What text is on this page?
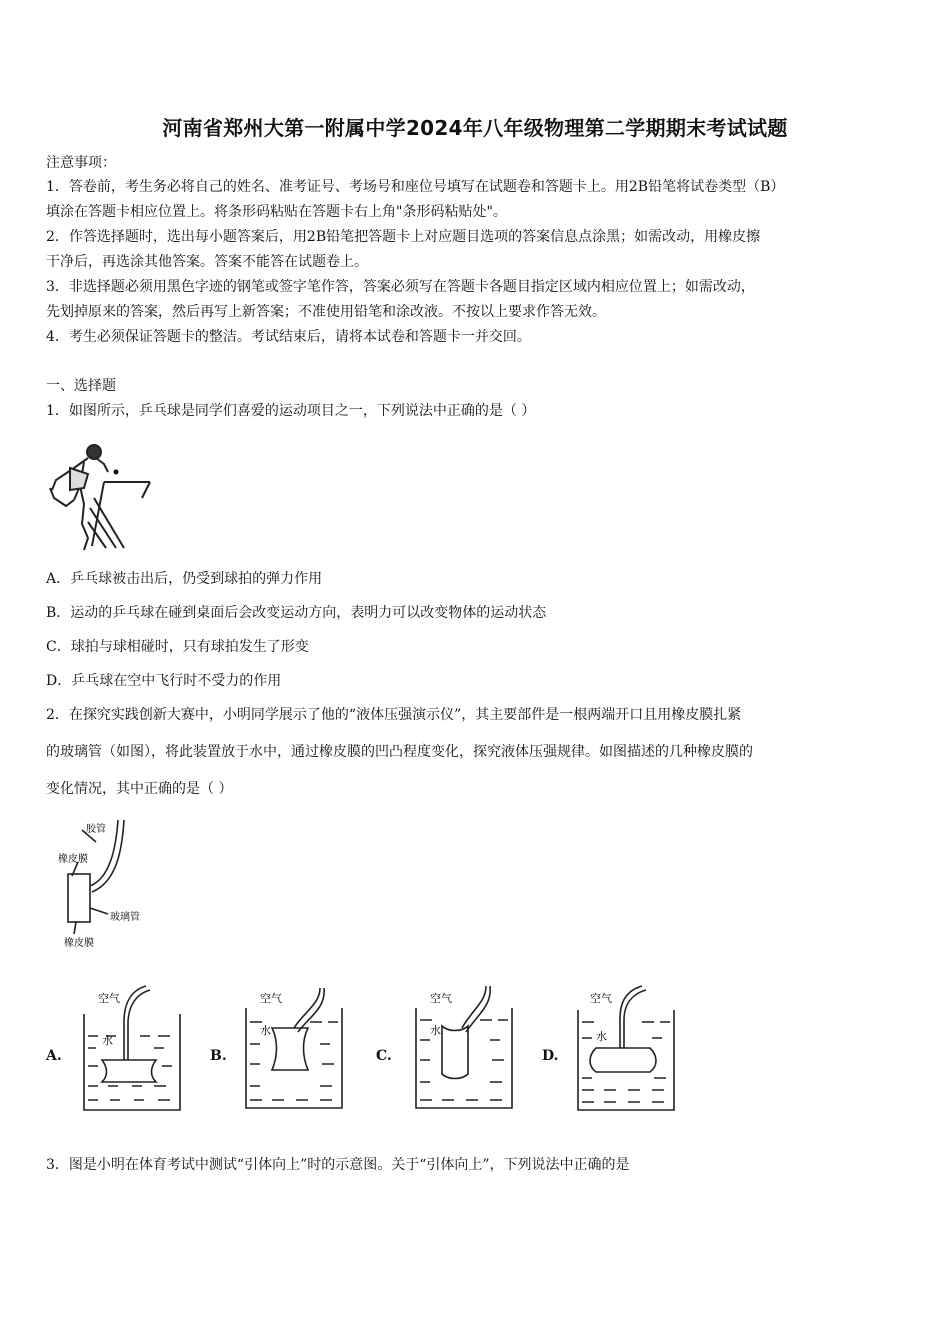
河南省郑州大第一附属中学2024年八年级物理第二学期期末考试试题
注意事项：
1．答卷前，考生务必将自己的姓名、准考证号、考场号和座位号填写在试题卷和答题卡上。用2B铅笔将试卷类型（B）
填涂在答题卡相应位置上。将条形码粘贴在答题卡右上角"条形码粘贴处"。
2．作答选择题时，选出每小题答案后，用2B铅笔把答题卡上对应题目选项的答案信息点涂黑；如需改动，用橡皮擦
干净后，再选涂其他答案。答案不能答在试题卷上。
3．非选择题必须用黑色字迹的钢笔或签字笔作答，答案必须写在答题卡各题目指定区域内相应位置上；如需改动，
先划掉原来的答案，然后再写上新答案；不准使用铅笔和涂改液。不按以上要求作答无效。
4．考生必须保证答题卡的整洁。考试结束后，请将本试卷和答题卡一并交回。
一、选择题
1．如图所示，乒乓球是同学们喜爱的运动项目之一，下列说法中正确的是（ ）
A．乒乓球被击出后，仍受到球拍的弹力作用
B．运动的乒乓球在碰到桌面后会改变运动方向，表明力可以改变物体的运动状态
C．球拍与球相碰时，只有球拍发生了形变
D．乒乓球在空中飞行时不受力的作用
2．在探究实践创新大赛中，小明同学展示了他的“液体压强演示仪”，其主要部件是一根两端开口且用橡皮膜扎紧
的玻璃管（如图），将此装置放于水中，通过橡皮膜的凹凸程度变化，探究液体压强规律。如图描述的几种橡皮膜的
变化情况，其中正确的是（ ）
胶管
橡皮膜
玻璃管
橡皮膜
A.
空气
水
B.
空气
水
C.
空气
水
D.
空气
水
3．图是小明在体育考试中测试“引体向上”时的示意图。关于“引体向上”，下列说法中正确的是
